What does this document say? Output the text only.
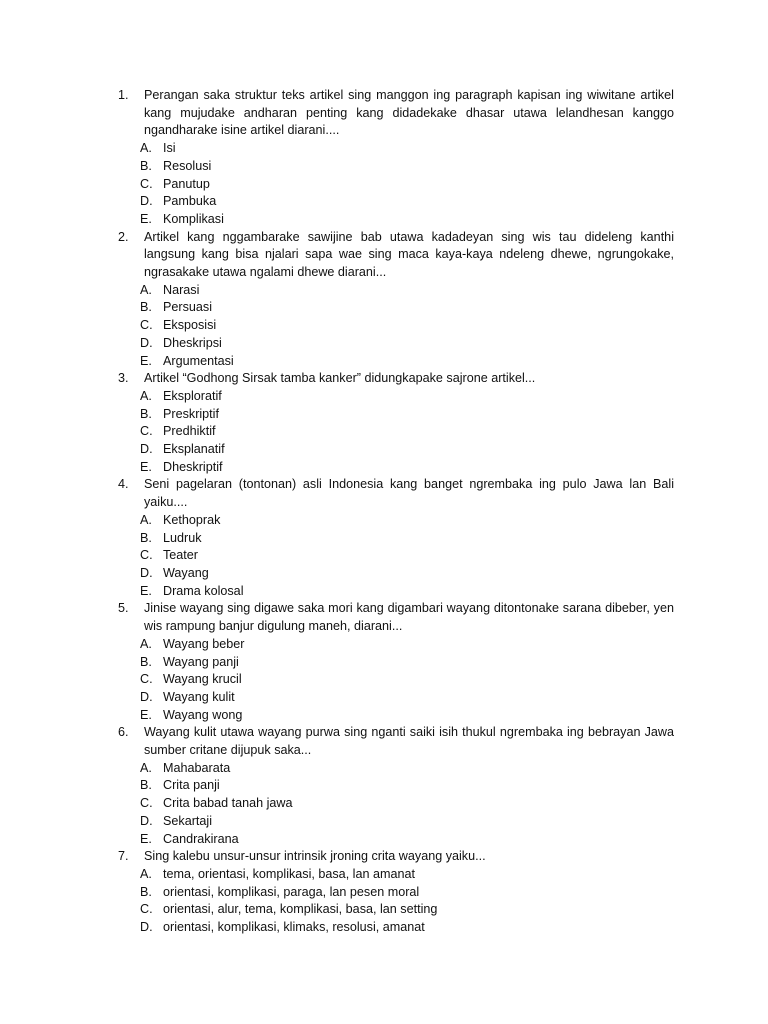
1.	Perangan saka struktur teks artikel sing manggon ing paragraph kapisan ing wiwitane artikel kang mujudake andharan penting kang didadekake dhasar utawa lelandhesan kanggo ngandharake isine artikel diarani....
A. Isi
B. Resolusi
C. Panutup
D. Pambuka
E. Komplikasi
2.	Artikel kang nggambarake sawijine bab utawa kadadeyan sing wis tau dideleng kanthi langsung kang bisa njalari sapa wae sing maca kaya-kaya ndeleng dhewe, ngrungokake, ngrasakake utawa ngalami dhewe diarani...
A. Narasi
B. Persuasi
C. Eksposisi
D. Dheskripsi
E. Argumentasi
3.	Artikel “Godhong Sirsak tamba kanker” didungkapake sajrone artikel...
A. Eksploratif
B. Preskriptif
C. Predhiktif
D. Eksplanatif
E. Dheskriptif
4.	Seni pagelaran (tontonan) asli Indonesia kang banget ngrembaka ing pulo Jawa lan Bali yaiku....
A. Kethoprak
B. Ludruk
C. Teater
D. Wayang
E. Drama kolosal
5.	Jinise wayang sing digawe saka mori kang digambari wayang ditontonake sarana dibeber, yen wis rampung banjur digulung maneh, diarani...
A. Wayang beber
B. Wayang panji
C. Wayang krucil
D. Wayang kulit
E. Wayang wong
6.	Wayang kulit utawa wayang purwa sing nganti saiki isih thukul ngrembaka ing bebrayan Jawa sumber critane dijupuk saka...
A. Mahabarata
B. Crita panji
C. Crita babad tanah jawa
D. Sekartaji
E. Candrakirana
7.	Sing kalebu unsur-unsur intrinsik jroning crita wayang yaiku...
A. tema, orientasi, komplikasi, basa, lan amanat
B. orientasi, komplikasi, paraga, lan pesen moral
C. orientasi, alur, tema, komplikasi, basa, lan setting
D. orientasi, komplikasi, klimaks, resolusi, amanat
